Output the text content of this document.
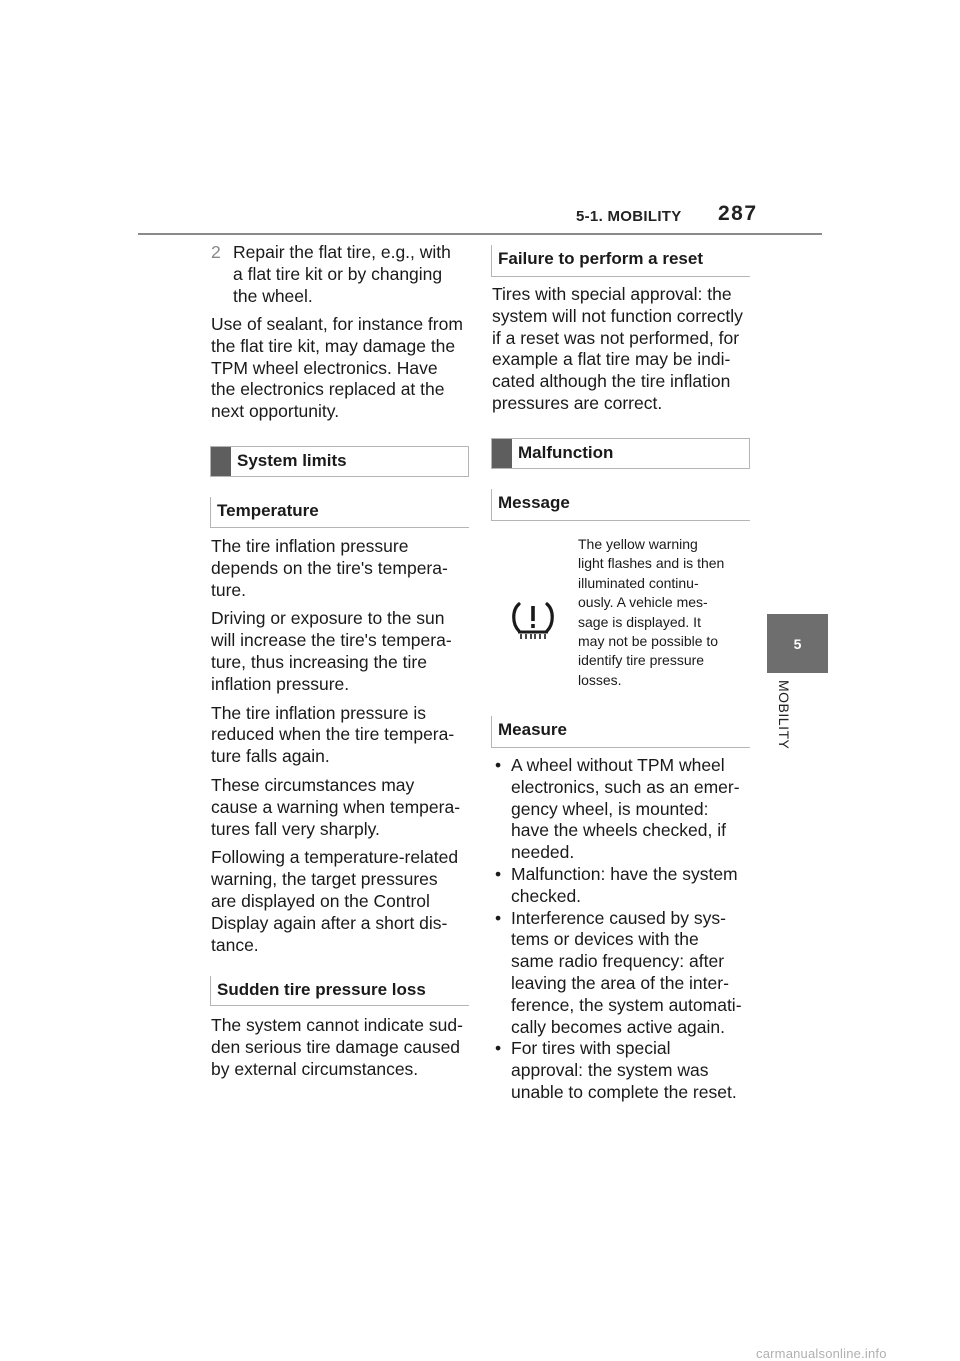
5-1. MOBILITY 287
5
MOBILITY
2 Repair the flat tire, e.g., with
a flat tire kit or by changing
the wheel.
Use of sealant, for instance from
the flat tire kit, may damage the
TPM wheel electronics. Have
the electronics replaced at the
next opportunity.
System limits
Temperature
The tire inflation pressure
depends on the tire's tempera-
ture.
Driving or exposure to the sun
will increase the tire's tempera-
ture, thus increasing the tire
inflation pressure.
The tire inflation pressure is
reduced when the tire tempera-
ture falls again.
These circumstances may
cause a warning when tempera-
tures fall very sharply.
Following a temperature-related
warning, the target pressures
are displayed on the Control
Display again after a short dis-
tance.
Sudden tire pressure loss
The system cannot indicate sud-
den serious tire damage caused
by external circumstances.
Failure to perform a reset
Tires with special approval: the
system will not function correctly
if a reset was not performed, for
example a flat tire may be indi-
cated although the tire inflation
pressures are correct.
Malfunction
Message
The yellow warning
light flashes and is then
illuminated continu-
ously. A vehicle mes-
sage is displayed. It
may not be possible to
identify tire pressure
losses.
Measure
• A wheel without TPM wheel
electronics, such as an emer-
gency wheel, is mounted:
have the wheels checked, if
needed.
• Malfunction: have the system
checked.
• Interference caused by sys-
tems or devices with the
same radio frequency: after
leaving the area of the inter-
ference, the system automati-
cally becomes active again.
• For tires with special
approval: the system was
unable to complete the reset.
carmanualsonline.info
